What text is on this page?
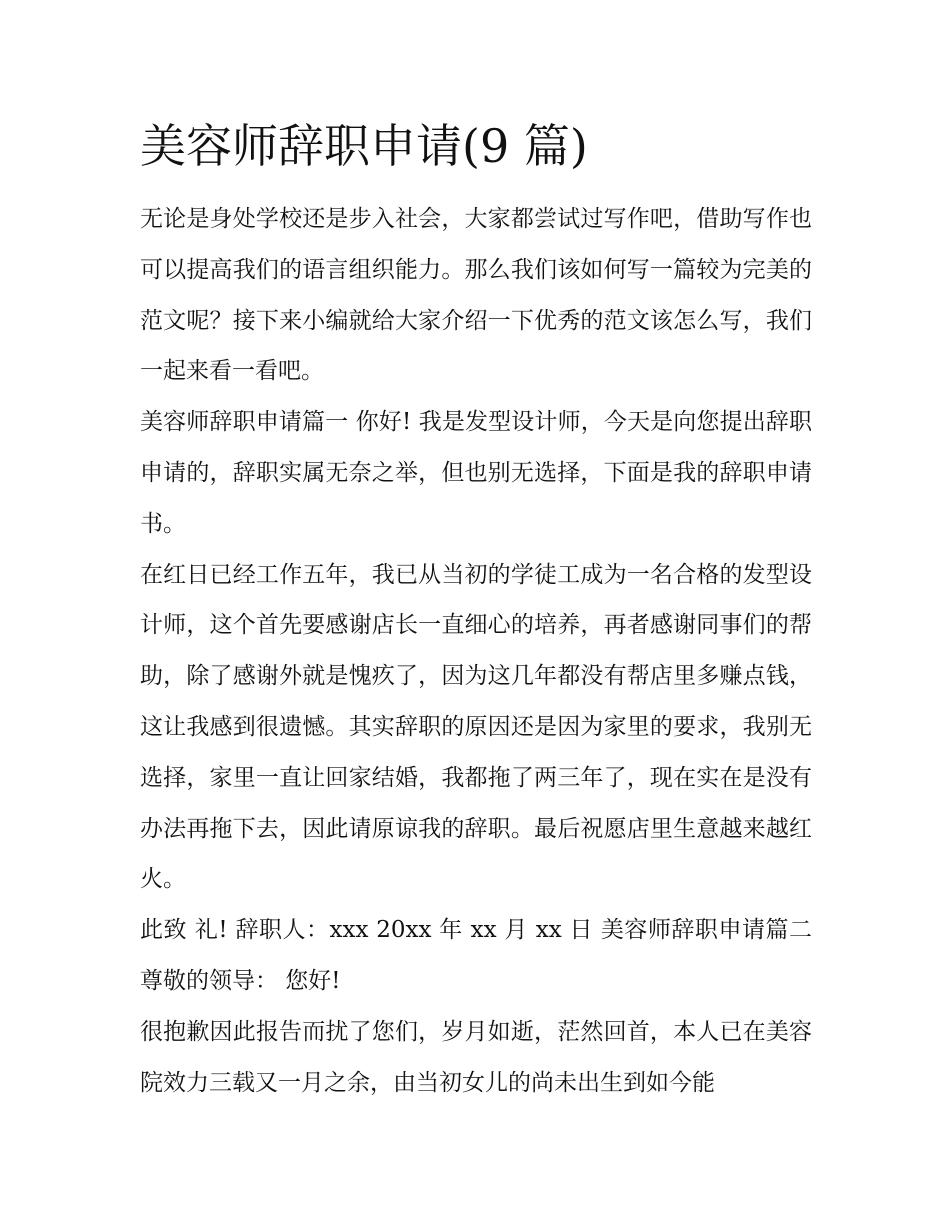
美容师辞职申请(9 篇)

无论是身处学校还是步入社会，大家都尝试过写作吧，借助写作也可以提高我们的语言组织能力。那么我们该如何写一篇较为完美的范文呢？接下来小编就给大家介绍一下优秀的范文该怎么写，我们一起来看一看吧。

美容师辞职申请篇一 你好! 我是发型设计师，今天是向您提出辞职申请的，辞职实属无奈之举，但也别无选择，下面是我的辞职申请书。

在红日已经工作五年，我已从当初的学徒工成为一名合格的发型设计师，这个首先要感谢店长一直细心的培养，再者感谢同事们的帮助，除了感谢外就是愧疚了，因为这几年都没有帮店里多赚点钱，这让我感到很遗憾。其实辞职的原因还是因为家里的要求，我别无选择，家里一直让回家结婚，我都拖了两三年了，现在实在是没有办法再拖下去，因此请原谅我的辞职。最后祝愿店里生意越来越红火。

此致 礼! 辞职人：xxx 20xx 年 xx 月 xx 日 美容师辞职申请篇二 尊敬的领导： 您好!

很抱歉因此报告而扰了您们，岁月如逝，茫然回首，本人已在美容院效力三载又一月之余，由当初女儿的尚未出生到如今能
